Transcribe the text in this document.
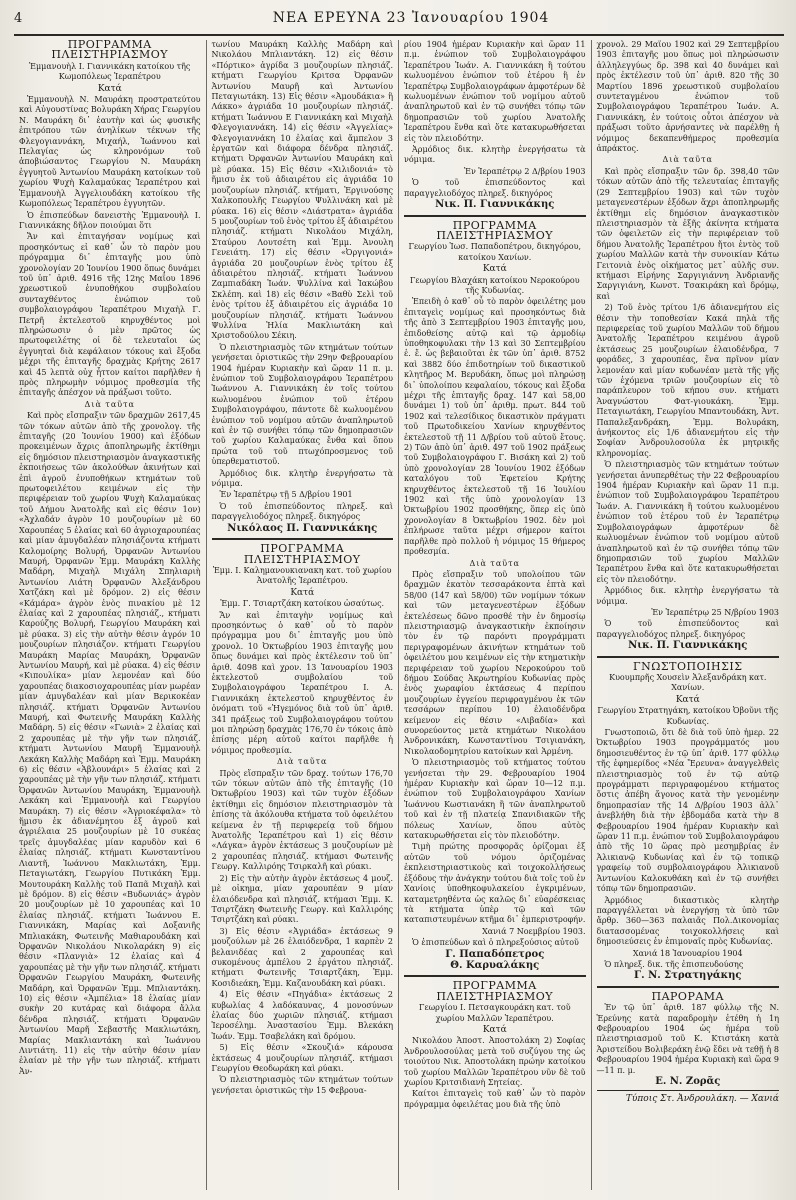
4	ΝΕΑ ΕΡΕΥΝΑ 23 Ἰανουαρίου 1904

ΠΡΟΓΡΑΜΜΑ ΠΛΕΙΣΤΗΡΙΑΣΜΟΥ

Ἐμμανουὴλ Ι. Γιαννικάκη κατοίκου τῆς Κωμοπόλεως Ἱεραπέτρου

Κατά

Ἐμμανουὴλ Ν. Μαυράκη προστρατεύτου καὶ Αὐγουστίνας Βολυράκη Χήρας Γεωργίου Ν. Μαυράκη δι᾿ ἑαυτὴν καὶ ὡς φυσικῆς ἐπιτρόπου τῶν ἀνηλίκων τέκνων τῆς Φλεγογιαννάκη, Μιχαήλ, Ἰωάννου καὶ Πελαγίας ὡς κληρονόμων τοῦ ἀποβιώσαντος Γεωργίου Ν. Μαυράκη ἐγγυητοῦ Ἀντωνίου Μαυράκη κατοίκων τοῦ χωρίου Ψυχὴ Καλαμαύκας Ἱεραπέτρου καὶ Ἐμμανουὴλ Ἀγγελιουδάκη κατοίκου τῆς Κωμοπόλεως Ἱεραπέτρου ἐγγυητῶν.

Ὁ ἐπισπεύδων δανειστὴς Ἐμμανουὴλ Ι. Γιαννικάκης δῆλον ποιούμαι ὅτι

Ἄν καὶ ἐπιταγήσαν νομίμως καὶ προσηκόντως εἰ καθ᾿ ὧν τὸ παρὸν μου πρόγραμμα δι᾿ ἐπιταγῆς μου ὑπὸ χρονολογίαν 20 Ἰουνίου 1900 ὅπως δυνάμει τοῦ ὑπ᾿ ἀριθ. 4916 τῆς 12ης Μαΐου 1896 χρεωστικοῦ ἐνυποθήκου συμβολαίου συνταχθέντος ἐνώπιον τοῦ συμβολαιογράφου Ἱεραπέτρου Μιχαὴλ Γ. Πετρῆ ἐκτελεστοῦ κηρυχθέντος μοὶ πληρώσωσιν ὁ μὲν πρῶτος ὡς πρωτοφειλέτης οἱ δὲ τελευταῖοι ὡς ἐγγυηταὶ διὰ κεφάλαιον τόκους καὶ ἔξοδα μέχρι τῆς ἐπιταγῆς δραχμὰς Κρήτης 2617 καὶ 45 λεπτὰ οὐχ ἧττον καίτοι παρῆλθεν ἡ πρὸς πληρωμὴν νόμιμος προθεσμία τῆς ἐπιταγῆς ἀπέσχον νὰ πράξωσι τοῦτο.

Διὰ ταῦτα

Καὶ πρὸς εἴσπραξιν τῶν δραχμῶν 2617,45 τῶν τόκων αὐτῶν ἀπὸ τῆς χρονολογ. τῆς ἐπιταγῆς (20 Ἰουνίου 1900) καὶ ἐξόδων προκειμένων ἄχρις ἀποπληρωμῆς ἐκτίθημι εἰς δημόσιον πλειστηριασμὸν ἀναγκαστικῆς ἐκποιήσεως τῶν ἀκολούθων ἀκινήτων καὶ ἐπὶ ἀγροῦ ἐνυποθήκων κτημάτων τοῦ πρωτοφειλέτου κειμένων εἰς τὴν περιφέρειαν τοῦ χωρίου Ψυχὴ Καλαμαύκας τοῦ Δήμου Ἀνατολῆς καὶ εἰς θέσιν 1ον) «Ἀχλαδάν ἀγρὸν 10 μουζουρίων μὲ 60 Χαρουπέας 5 ἐλαίας καὶ 60 ἀγριοχαρουπέας καὶ μίαν ἀμυγδαλέαν πλησιάζοντα κτήματι Καλομοίρης Βολυρή, Ὀρφανῶν Ἀντωνίου Μαυρή, Ὀρφανῶν Ἐμμ. Μαυράκη Καλλὴς Μαδάρη, Μιχαὴλ Μιχάλη Σπηλιαριὴ Ἀντωνίου Λιάτη Ὀρφανῶν Ἀλεξάνδρου Χατζάκη καὶ μὲ δρόμον. 2) εἰς θέσιν «Κάμάρα» ἀγρὸν ἑνὸς πινακίου μὲ 12 ἐλαίας καὶ 2 χαρουπέας πλησιάζ., κτήματι Καρούζης Βολυρή, Γεωργίου Μαυράκη καὶ μὲ ρύακα. 3) εἰς τὴν αὐτὴν θέσιν ἀγρόν 10 μουζουρίων πλησιάζον. κτήματι Γεωργίου Μαυράκη Μαρίας Μαυράκη, Ὀρφανῶν Ἀντωνίου Μαυρή, καὶ μὲ ρύακα. 4) εἰς θέσιν «Κιπουλίκα» μίαν λεμονέαν καὶ δύο χαρουπέας διακοσιοχαρουπέας μίαν μωρέαν μίαν ἀμυγδαλέαν καὶ μίαν Βερικοκέαν πλησιάζ. κτήματι Ὀρφανῶν Ἀντωνίου Μαυρή, καὶ Φωτεινῆς Μαυράκη Καλλὴς Μαδάρη. 5) εἰς θέσιν «Γωνιὰ» 2 ἐλαίας καὶ 2 χαρουπέας μὲ τὴν γῆν των πλησιάζ. κτήματι Ἀντωνίου Μαυρῆ Ἐμμανουὴλ Λεκάκη Καλλὴς Μαδάρη καὶ Ἐμμ. Μαυράκη 6) εἰς θέσιν «Ἀβλουνάρι» 5 ἐλαίας καὶ 2 χαρουπέας μὲ τὴν γῆν των πλησιάζ. κτήματι Ὀρφανῶν Ἀντωνίου Μαυράκη, Ἐμμανουὴλ Λεκάκη καὶ Ἐμμανουὴλ καὶ Γεωργίου Μαυράκη. 7) εἰς θέσιν «Ἀγριοκέφαλα» τὸ ἥμισυ ἐκ ἀδιανέμητου ἐξ ἀγροῦ καὶ ἀγριέλαια 25 μουζουρίων μὲ 10 συκέας τρεῖς ἀμυγδαλέας μίαν καρυδὸν καὶ 6 ἐλαίας πλησιάζ. κτήματι Κωνσταντίνου Λιαντῆ, Ἰωάννου Μακλιωτάκη, Ἐμμ. Πεταγιωτάκη, Γεωργίου Πυτικάκη Ἐμμ. Μουτουράκη Καλλὴς τοῦ Παπᾶ Μιχαὴλ καὶ μὲ δρόμον. 8) εἰς θέσιν «Βυδωνιάς» ἀγρὸν 20 μουζουρίων μὲ 10 χαρουπέας καὶ 10 ἐλαίας πλησιάζ. κτήματι Ἰωάννου Ε. Γιαννικάκη, Μαρίας καὶ Δοξανιῆς Μπλιακάκη, Φωτεινῆς Μαθιαρουδάκη καὶ Ὀρφανῶν Νικολάου Νικολαράκη 9) εἰς θέσιν «Πλανγιὰ» 12 ἐλαίας καὶ 4 χαρουπέας μὲ τὴν γῆν των πλησιάζ. κτήματι Ὀρφανῶν Γεωργίου Μαυράκη, Φωτεινῆς Μαδάρη, καὶ Ὀρφανῶν Ἐμμ. Μπλιαντάκη. 10) εἰς θέσιν «Ἀμπέλια» 18 ἐλαίας μίαν συκὴν 20 κυτάρας καὶ διάφορα ἄλλα δένδρα πλησιάζ. κτήματι Ὀρφανῶν Ἀντωνίου Μαρῆ Σεβαστῆς Μακλιωτάκη, Μαρίας Μακλιαντάκη καὶ Ἰωάννου Λιντιάτη. 11) εἰς τὴν αὐτὴν θέσιν μίαν ἐλαίαν μὲ τὴν γῆν των πλησιάζ. κτήματι Ἀν-

τωνίου Μαυράκη Καλλὴς Μαδάρη καὶ Νικολάου Μπλιαντάκη. 12) εἰς θέσιν «Πόρτικο» ἀγρίδα 3 μουζουρίων πλησιάζ. κτήματι Γεωργίου Κριτσα Ὀρφανῶν Ἀντωνίου Μαυρῆ καὶ Ἀντωνίου Πεταγιωτάκη. 13) Εἰς θέσιν «Ἀμουδάκια» ἢ Λάκκο» ἀγριάδα 10 μουζουρίων πλησιάζ. κτήματι Ἰωάννου Ε Γιαννικάκη καὶ Μιχαὴλ Φλεγογιαννάκη. 14) εἰς θέσιν «Ἀγγελίας» Φλεγογιαννάκη 10 ἐλαίας καὶ ἄμπελον 3 ἐργατῶν καὶ διάφορα δένδρα πλησιάζ. κτήματι Ὀρφανῶν Ἀντωνίου Μαυράκη καὶ μὲ ρύακα. 15) Εἰς θέσιν «Χιλιδονιά» τὸ ἥμισυ ἐκ τοῦ ἀδιαιρέτου εἰς ἀγριάδα 10 μουζουρίων πλησιάζ. κτήματι, Ἐργινούσης Χαλκοπουλῆς Γεωργίου Ψυλλινάκη καὶ μὲ ρύακα. 16) εἰς θέσιν «Διάστρατα» ἀγριάδα 5 μουζουρίων τοῦ ἑνὸς τρίτου ἐξ ἀδιαιρέτου πλησιάζ. κτήματι Νικολάου Μιχάλη, Σταύρου Λουτσέτη καὶ Ἐμμ. Ἀνουλη Γενειάτη. 17) εἰς θέσιν «Ὀργιγονιά» ἀγριάδα 20 μουζουρίων ἑνὸς τρίτου ἐξ ἀδιαιρέτου πλησιάζ. κτήματι Ἰωάννου Ζαμπιαδάκη Ἰωάν. Ψυλλίνα καὶ Ἰακώβου Σκλέπη. καὶ 18) εἰς θέσιν «Βαθὺ Σελὶ τοῦ ἑνὸς τρίτου ἐξ ἀδιαιρέτου εἰς ἀγριάδα 10 μουζουρίων πλησιάζ. κτήματι Ἰωάννου Ψυλλίνα Ἠλία Μακλιωτάκη καὶ Χριστοδούλου Σέκιη.

Ὁ πλειστηριασμὸς τῶν κτημάτων τούτων γενήσεται ὁριστικῶς τὴν 29ην Φεβρουαρίου 1904 ἡμέραν Κυριακὴν καὶ ὥραν 11 π. μ. ἐνώπιον τοῦ Συμβολαιογράφου Ἱεραπέτρου Ἰωάννου Α. Γιαννικάκη ἐν τοῖς τούτου κωλυομένου ἐνώπιον τοῦ ἑτέρου Συμβολαιογράφου, πάντοτε δὲ κωλυομένου ἐνώπιον τοῦ νομίμου αὐτῶν ἀναπληρωτοῦ καὶ ἐν τῷ συνήθει τόπῳ τῶν δημοπρασιῶν τοῦ χωρίου Καλαμαύκας ἔνθα καὶ ὅπου πρώτα τοῦ τοῦ πτωχόπροσμενος τοῦ ὑπερθεματιστοῦ.

Ἀρμόδιος δικ. κλητὴρ ἐνεργήσατω τὰ νόμιμα.

Ἐν Ἱεραπέτρῳ τῇ 5 Δ/βρίου 1901

Ὁ τοῦ ἐπισπεύδοντος πληρεξ. καὶ παραγγελιοδόχος πληρεξ. δικηγόρος

Νικόλαος Π. Γιαννικάκης

ΠΡΟΓΡΑΜΜΑ ΠΛΕΙΣΤΗΡΙΑΣΜΟΥ

Ἐμμ. Ι. Καλημανουκιανακη κατ. τοῦ χωρίου Ἀνατολῆς Ἱεραπέτρου.

Κατά

Ἐμμ. Γ. Τσιαρτζάκη κατοίκου ὡσαύτως.

Ἄν καὶ ἐπιταγὴν νομίμως καὶ προσηκόντως ὁ καθ᾿ οὗ τὸ παρὸν πρόγραμμα μου δι᾿ ἐπιταγῆς μου ὑπὸ χρονολ. 10 Ὀκτωβρίου 1903 ἐπιταγῆς μου ὅπως δυνάμει καὶ πρὸς ἐκτέλεσιν τοῦ ὑπ᾿ ἀριθ. 4098 καὶ χρον. 13 Ἰανουαρίου 1903 ἐκτελεστοῦ συμβολαίου τοῦ Συμβολαιογράφου Ἱεραπέτρου Ι. Α. Γιαννικάκη ἐκτελεστοῦ κηρυχθέντος ἐν ὀνόματι τοῦ «Ἡγεμόνος διὰ τοῦ ὑπ᾿ ἀριθ. 341 πράξεως τοῦ Συμβολαιογράφου τούτου μοι πληρώσῃ δραχμὰς 176,70 ἐν τόκοις ἀπὸ ἐπίσης μέρη αὐτοῦ καίτοι παρῆλθε ἡ νόμιμος προθεσμία.

Διὰ ταῦτα

Πρὸς εἴσπραξιν τῶν δραχ. τούτων 176,70 τῶν τόκων αὐτῶν ἀπὸ τῆς ἐπιταγῆς (10 Ὀκτωβρίου 1903) καὶ τῶν τυχὸν ἐξόδων ἐκτίθημι εἰς δημόσιον πλειστηριασμὸν τὰ ἐπίσης τὰ ἀκόλουθα κτήματα τοῦ ὀφειλέτου κείμενα ἐν τῇ περιφερείᾳ τοῦ δήμου Ἀνατολῆς Ἱεραπέτρου καὶ 1) εἰς θέσιν «Λάγκα» ἀγρὸν ἐκτάσεως 3 μουζουρίων μὲ 2 χαρουπέας πλησιάζ. κτήμασι Φωτεινῆς Γεωργ. Καλλιρόης Τσιρκαλῆ καὶ ρύακι.

2) Εἰς τὴν αὐτὴν ἀγρὸν ἐκτάσεως 4 μουζ. μὲ οἰκημα, μίαν χαρουπέαν 9 μίαν ἐλαιόδενδρα καὶ πλησιάζ. κτήμασι Ἐμμ. Κ. Τσιρτζάκη Φωτεινῆς Γεωργ. καὶ Καλλιρόης Τσιρτζάκη καὶ ρύακι.

3) Εἰς θέσιν «Ἀγριάδα» ἐκτάσεως 9 μουζούλων μὲ 26 ἐλαιόδενδρα, 1 καρπὲν 2 βελανιδέας καὶ 2 χαρουπέας καὶ συκομένους ἀμπέλου 2 ἐργάτου πλησιάζ. κτήματι Φωτεινῆς Τσιαρτζάκη, Ἐμμ. Κοσιδιεάκη, Ἐμμ. Καζανουδάκη καὶ ρύακι.

4) Εἰς θέσιν «Πηγάδια» ἐκτάσεως 2 κυβωλίας 4 λαδόκαυνας, 4 μονοσύνων ἐλαίας δύο χωριῶν πλησιάζ. κτήμασι Ἱεροσέλημ. Ἀναστασίου Ἐμμ. Βλεκάκη Ἰωάν. Ἐμμ. Τσαβελάκη καὶ δρόμου.

5) Εἰς θέσιν «Σκουζιά» κάρουσα ἐκτάσεως 4 μουζουρίων πλησιάζ. κτήμασι Γεωργίου Θεοδωράκη καὶ ρύακι.

Ὁ πλειστηριασμὸς τῶν κτημάτων τούτων γενήσεται ὁριστικῶς τὴν 15 Φεβρουα-

ρίου 1904 ἡμέραν Κυριακὴν καὶ ὥραν 11 π.μ. ἐνώπιον τοῦ Συμβολαιογράφου Ἱεραπέτρου Ἰωάν. Α. Γιαννικάκη ἢ τούτου κωλυομένου ἐνώπιον τοῦ ἑτέρου ἢ ἐν Ἱεραπέτρῳ Συμβολαιογράφων ἀμφοτέρων δὲ κωλυομένων ἐνώπιον τοῦ νομίμου αὐτοῦ ἀναπληρωτοῦ καὶ ἐν τῷ συνήθει τόπῳ τῶν δημοπρασιῶν τοῦ χωρίου Ἀνατολῆς Ἱεραπέτρου ἔνθα καὶ ὅτε κατακυρωθήσεται εἰς τὸν πλειοδότην.

Ἀρμόδιος δικ. κλητὴρ ἐνεργήσατω τὰ νόμιμα.

Ἐν Ἱεραπέτρῳ 2 Δ/βρίου 1903

Ὁ τοῦ ἐπισπεύδοντος καὶ παραγγελιοδόχος πληρεξ. δικηγόρος

Νικ. Π. Γιαννικάκης

ΠΡΟΓΡΑΜΜΑ ΠΛΕΙΣΤΗΡΙΑΣΜΟΥ

Γεωργίου Ἰωσ. Παπαδοπέτρου, δικηγόρου, κατοίκου Χανίων.

Κατά

Γεωργίου Βλαχάκη κατοίκου Νεροκούρου τῆς Κυδωνίας.

Ἐπειδὴ ὁ καθ᾿ οὗ τὸ παρὸν ὀφειλέτης μου ἐπιταγεὶς νομίμως καὶ προσηκόντως διὰ τῆς ἀπὸ 3 Σεπτεμβρίου 1903 ἐπιταγῆς μου, ἐπιδοθείσης αὐτῷ καὶ τῷ ἁρμοδίῳ ὑποθηκοφυλακι τὴν 13 καὶ 30 Σεπτεμβρίου ἐ. ἔ. ὡς βεβαιοῦται ἐκ τῶν ὑπ᾿ ἀριθ. 8752 καὶ 3882 δύο ἐπιδοτηρίων τοῦ δικαστικοῦ κλητῆρος Μ. Βερυδάκη, ὅπως μοὶ πληρώσῃ δι᾿ ὑπολοίπου κεφαλαίου, τόκους καὶ ἔξοδα μέχρι τῆς ἐπιταγῆς δραχ. 147 καὶ 58,00 δυνάμει 1) τοῦ ὑπ᾿ ἀριθμ. πρωτ. 844 τοῦ 1902 καὶ τελεσίδικος δικαστικὸν πράγματι τοῦ Πρωτοδικείου Χανίων κηρυχθέντος ἐκτελεστοῦ τῇ 11 Δ/βρίου τοῦ αὐτοῦ ἔτους. 2) Τῶν ἀπὸ ὑπ᾿ ἀριθ. 497 τοῦ 1902 πράξεως τοῦ Συμβολαιογράφου Γ. Βισάκη καὶ 2) τοῦ ὑπὸ χρονολογίαν 28 Ἰουνίου 1902 ἐξόδων καταλόγου τοῦ Ἐφετείου Κρήτης κηρυχθέντος ἐκτελεστοῦ τῇ 16 Ἰουλίου 1902 καὶ τῆς ὑπὸ χρονολογίαν 13 Ὀκτωβρίου 1902 προσθήκης, ὅπερ εἰς ὑπὸ χρονολογίαν 8 Ὀκτωβρίου 1902. δὲν μοὶ ἐπλήρωσε ταῦτα μέχρι σήμερον καίτοι παρῆλθε πρὸ πολλοῦ ἡ νόμιμος 15 θήμερος προθεσμία.

Διὰ ταῦτα

Πρὸς εἴσπραξιν τοῦ υπολοίπου τῶν δραχμῶν ἑκατὸν τεσσαράκοντα ἑπτὰ καὶ 58/00 (147 καὶ 58/00) τῶν νομίμων τόκων καὶ τῶν μεταγενεστέρων ἐξόδων ἐκτελέσεως δῶνο προσθέ τὴν ἐν δημοσίῳ πλειστηριασμῷ ἀναγκαστικὴν ἐκποίησιν τὸν ἐν τῷ παρόντι προγράμματι περιγραφομένων ἀκινήτων κτημάτων τοῦ ὀφειλέτου μου κειμένων εἰς τὴν κτηματικὴν περιφέρειαν τοῦ χωρίου Νεροκούρου τοῦ δήμου Σούδας Ἀκρωτηρίου Κυδωνίας πρὸς ἑνὸς χωραφίου ἐκτάσεως 4 περίπου μουζουρίων ἐγγείου περιφραγμένου ἐκ τῶν τεσσάρων περίπου 10) ἐλαιοδένδρα κείμενον εἰς θέσιν «Λιβαδία» καὶ συνορεύοντος μετὰ κτημάτων Νικολάου Ἀνδρονικάκη, Κωνσταντίνου Τσιγιανάκη, Νικολαοδομητρίου κατοίκων καὶ Ἀρμένη.

Ὁ πλειστηριασμὸς τοῦ κτήματος τούτου γενήσεται τὴν 29. Φεβρουαρίου 1904 ἡμέραν Κυριακὴν καὶ ὥραν 10—12 π.μ. ἐνώπιον τοῦ Συμβολαιογράφου Χανίων Ἰωάννου Κωστιανάκη ἢ τῶν ἀναπληρωτοῦ τοῦ καὶ ἐν τῇ πλατείᾳ Σπανιδιακῶν τῆς πόλεως Χανίων, ὅπου αὐτὸς κατακυρωθήσεται εἰς τὸν πλειοδότην.

Τιμὴ πρώτης προσφορᾶς ὁρίζομαι ἐξ αὐτῶν τοῦ νόμου ὁριζομένας ἐκπλειστηριαστικοὺς καὶ τοιχοκολλήσεως ἐξόδους τὴν ἀνάγκην τούτου διὰ τοῖς τοῦ ἐν Χανίοις ὑποθηκοφυλακείου ἐγκριμένων, καταμετρηθέντα ὡς καλῶς δι᾿ εὐαρέσκειας τὰ κτήματα ὑπὲρ τῷ καὶ τῶν καταπιστευμένων κτῆμα δι᾿ ἐμπεριστροφήν.

Χανιά 7 Νοεμβρίου 1903.

Ὁ ἐπισπεύδων καὶ ὁ πληρεξούσιος αὐτοῦ

Γ. Παπαδόπετρος

Θ. Καρυαλάκης

ΠΡΟΓΡΑΜΜΑ ΠΛΕΙΣΤΗΡΙΑΣΜΟΥ

Γεωργίου Ι. Πετσαγκουράκη κατ. τοῦ χωρίου Μαλλῶν Ἱεραπέτρου.

Κατά

Νικολάου Ἀποστ. Ἀποστολάκη 2) Σοφίας Ἀνδρουλοσούλας μετὰ τοῦ συζύγου της ὡς τοιούτου Νικ. Ἀποστολάκη πρώην κατοίκου τοῦ χωρίου Μαλλῶν Ἱεραπέτρου νῦν δὲ τοῦ χωρίου Κριτσιδιανὴ Σητείας.

Καίτοι ἐπιταγεὶς τοῦ καθ᾿ ὧν τὸ παρὸν πρόγραμμα ὀφειλέτας μου διὰ τῆς ὑπὸ

χρονολ. 29 Μαΐου 1902 καὶ 29 Σεπτεμβρίου 1903 ἐπιταγῆς μου ὅπως μοὶ πληρώσωσιν ἀλληλεγγύως δρ. 398 καὶ 40 δυνάμει καὶ πρὸς ἐκτέλεσιν τοῦ ὑπ᾿ ἀριθ. 820 τῆς 30 Μαρτίου 1896 χρεωστικοῦ συμβολαίου συντεταγμένου ἐνώπιον τοῦ Συμβολαιογράφου Ἱεραπέτρου Ἰωάν. Α. Γιαννικάκη, ἐν τούτοις οὗτοι ἀπέσχον νὰ πράξωσι τοῦτο ἀρνήσαντες νὰ παρέλθῃ ἡ νόμιμος δεκαπενθήμερος προθεσμία ἀπράκτος.

Διὰ ταῦτα

Καὶ πρὸς εἴσπραξιν τῶν δρ. 398,40 τῶν τόκων αὐτῶν ἀπὸ τῆς τελευταίας ἐπιταγῆς (29 Σεπτεμβρίου 1903) καὶ τῶν τυχὸν μεταγενεστέρων ἐξόδων ἄχρι ἀποπληρωμῆς ἐκτίθημι εἰς δημόσιον ἀναγκαστικὸν πλειστηριασμὸν τὰ ἐξῆς ἀκίνητα κτήματα τῶν ὀφειλετῶν εἰς τὴν περιφέρειαν τοῦ δήμου Ἀνατολῆς Ἱεραπέτρου ἤτοι ἐντὸς τοῦ χωρίου Μαλλῶν κατὰ τὴν συνοικίαν Κάτω Γειτονιὰ ἑνὸς οἰκήματος μετ᾿ αὐλῆς συν. κτήμασι Εἰρήνης Σαργιγιάννη Ἀνδριανῆς Σαργιγιάνη, Κωνστ. Τσακιράκη καὶ δρόμῳ, καὶ

2) Τοῦ ἑνὸς τρίτου 1/6 ἀδιανεμήτου εἰς θέσιν τὴν τοποθεσίαν Κακά πηλὰ τῆς περιφερείας τοῦ χωρίου Μαλλῶν τοῦ δήμου Ἀνατολῆς Ἱεραπέτρου κειμένου ἀγροῦ ἐκτάσεως 25 μουζουρίων ἐλαιοδένδρα, 7 φοράδες, 3 χαρουπέας, ἕνα πρῖνον μίαν λεμονέαν καὶ μίαν κυδωνέαν μετὰ τῆς γῆς τῶν ἐχόμενα τριῶν μουζουρίων εἰς τὸ παράπλευρον τοῦ κήπου συν. κτήματι Ἀναγνώστου Φατ-γιουκάκη. Ἐμμ. Πεταγιωτάκη, Γεωργίου Μπαντουδάκη, Ἀντ. Παπαλεξανδράκη, Ἐμμ. Βολυράκη, ἀνήκοντος εἰς 1/6 ἀδιανεμήτου εἰς τὴν Σοφίαν Ἀνδρουλοσούλα ἐκ μητρικῆς κληρονομίας.

Ὁ πλειστηριασμὸς τῶν κτημάτων τούτων γενήσεται ἀνυπερθέτως τὴν 22 Φεβρουαρίου 1904 ἡμέραν Κυριακὴν καὶ ὥραν 11 π.μ. ἐνώπιον τοῦ Συμβολαιογράφου Ἱεραπέτρου Ἰωάν. Α. Γιαννικάκη ἢ τούτου κωλυομένου ἐνώπιον τοῦ ἑτέρου τοῦ ἐν Ἱεραπέτρῳ Συμβολαιογράφων ἀμφοτέρων δὲ κωλυομένων ἐνώπιον τοῦ νομίμου αὐτοῦ ἀναπληρωτοῦ καὶ ἐν τῷ συνήθει τόπῳ τῶν δημοπρασιῶν τοῦ χωρίου Μαλλῶν Ἱεραπέτρου ἔνθα καὶ ὅτε κατακυρωθήσεται εἰς τὸν πλειοδότην.

Ἀρμόδιος δικ. κλητὴρ ἐνεργήσατω τὰ νόμιμα.

Ἐν Ἱεραπέτρῳ 25 Ν/βρίου 1903

Ὁ τοῦ ἐπισπεύδοντος καὶ παραγγελιοδόχος πληρεξ. δικηγόρος

Νικ. Π. Γιαννικάκης

ΓΝΩΣΤΟΠΟΙΗΣΙΣ

Κυουμπρῆς Χουσεὶν Ἀλεξανδράκη κατ. Χανίων.

Κατά

Γεωργίου Στρατηγάκη, κατοίκου Ὀβοῦνι τῆς Κυδωνίας.

Γνωστοποιῶ, ὅτι δὲ διὰ τοῦ ὑπὸ ἡμερ. 22 Ὀκτωβρίου 1903 προγράμματός μου δημοσιευθέντος ἐν τῷ ὑπ᾿ ἀριθ. 177 φύλλῳ τῆς ἐφημερίδος «Νέα Ἔρευνα» ἀναγγελθεὶς πλειστηριασμὸς τοῦ ἐν τῷ αὐτῷ προγράμματι περιγραφομένου κτήματος ὅστις ἀπέβη ἄγονος κατὰ τὴν γενομένην δημοπρασίαν τῆς 14 Δ/βρίου 1903 ἀλλ᾿ ἀνεβλήθη διὰ τὴν ἑβδομάδα κατὰ τὴν 8 Φεβρουαρίου 1904 ἡμέραν Κυριακὴν καὶ ὥραν 11 π.μ. ἐνώπιον τοῦ Συμβολαιογράφου ἀπὸ τῆς 10 ὥρας πρὸ μεσημβρίας ἐν Ἀλικιανῷ Κυδωνίας καὶ ἐν τῷ τοπικῷ γραφείῳ τοῦ συμβολαιογράφου Ἀλικιανοῦ Ἀντωνίου Καλοκυθάκη καὶ ἐν τῷ συνήθει τόπῳ τῶν δημοπρασιῶν.

Ἀρμόδιος δικαστικὸς κλητὴρ παραγγέλλεται νὰ ἐνεργήσῃ τὰ ὑπὸ τῶν ἄρθρ. 360—363 παλαιᾶς Πολ.Δικονομίας διατασσομένας τοιχοκολλήσεις καὶ δημοσιεύσεις ἐν ἐπιμοναῖς πρὸς Κυδωνίας.

Χανιά 18 Ἰανουαρίου 1904

Ὁ πληρεξ. δικ. τῆς ἐπισπευδούσης

Γ. Ν. Στρατηγάκης

ΠΑΡΟΡΑΜΑ

Ἐν τῷ ὑπ᾿ ἀριθ. 187 φύλλῳ τῆς Ν. Ἐρεύνης κατὰ παραδρομὴν ἐτέθη ἡ 1η Φεβρουαρίου 1904 ὡς ἡμέρα τοῦ πλειστηριασμοῦ τοῦ Κ. Κτιστάκη κατὰ Ἀριστείδου Βολιβεράκη ἐνῷ ἔδει νὰ τεθῇ ἡ 8 Φεβρουαρίου 1904 ἡμέρα Κυριακὴ καὶ ὥρα 9—11 π. μ.

Ε. Ν. Ζορᾶς

Τύποις Στ. Ἀνδρουλάκη. — Χανιά
